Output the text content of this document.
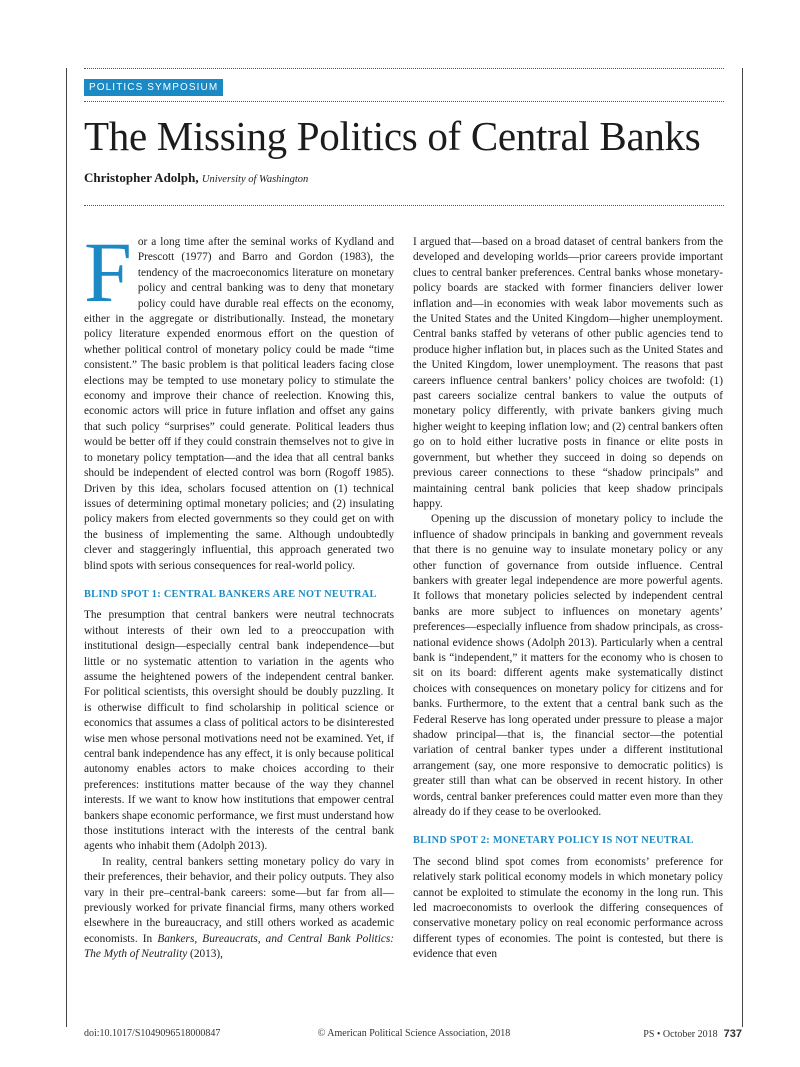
POLITICS SYMPOSIUM
The Missing Politics of Central Banks
Christopher Adolph, University of Washington

For a long time after the seminal works of Kydland and Prescott (1977) and Barro and Gordon (1983), the tendency of the macroeconomics literature on monetary policy and central banking was to deny that monetary policy could have durable real effects on the economy, either in the aggregate or distributionally. Instead, the monetary policy literature expended enormous effort on the question of whether political control of monetary policy could be made “time consistent.” The basic problem is that political leaders facing close elections may be tempted to use monetary policy to stimulate the economy and improve their chance of reelection. Knowing this, economic actors will price in future inflation and offset any gains that such policy “surprises” could generate. Political leaders thus would be better off if they could constrain themselves not to give in to monetary policy temptation—and the idea that all central banks should be independent of elected control was born (Rogoff 1985). Driven by this idea, scholars focused attention on (1) technical issues of determining optimal monetary policies; and (2) insulating policy makers from elected governments so they could get on with the business of implementing the same. Although undoubtedly clever and staggeringly influential, this approach generated two blind spots with serious consequences for real-world policy.

BLIND SPOT 1: CENTRAL BANKERS ARE NOT NEUTRAL

The presumption that central bankers were neutral technocrats without interests of their own led to a preoccupation with institutional design—especially central bank independence—but little or no systematic attention to variation in the agents who assume the heightened powers of the independent central banker. For political scientists, this oversight should be doubly puzzling. It is otherwise difficult to find scholarship in political science or economics that assumes a class of political actors to be disinterested wise men whose personal motivations need not be examined. Yet, if central bank independence has any effect, it is only because political autonomy enables actors to make choices according to their preferences: institutions matter because of the way they channel interests. If we want to know how institutions that empower central bankers shape economic performance, we first must understand how those institutions interact with the interests of the central bank agents who inhabit them (Adolph 2013).

In reality, central bankers setting monetary policy do vary in their preferences, their behavior, and their policy outputs. They also vary in their pre–central-bank careers: some—but far from all—previously worked for private financial firms, many others worked elsewhere in the bureaucracy, and still others worked as academic economists. In Bankers, Bureaucrats, and Central Bank Politics: The Myth of Neutrality (2013),

I argued that—based on a broad dataset of central bankers from the developed and developing worlds—prior careers provide important clues to central banker preferences. Central banks whose monetary-policy boards are stacked with former financiers deliver lower inflation and—in economies with weak labor movements such as the United States and the United Kingdom—higher unemployment. Central banks staffed by veterans of other public agencies tend to produce higher inflation but, in places such as the United States and the United Kingdom, lower unemployment. The reasons that past careers influence central bankers’ policy choices are twofold: (1) past careers socialize central bankers to value the outputs of monetary policy differently, with private bankers giving much higher weight to keeping inflation low; and (2) central bankers often go on to hold either lucrative posts in finance or elite posts in government, but whether they succeed in doing so depends on previous career connections to these “shadow principals” and maintaining central bank policies that keep shadow principals happy.

Opening up the discussion of monetary policy to include the influence of shadow principals in banking and government reveals that there is no genuine way to insulate monetary policy or any other function of governance from outside influence. Central bankers with greater legal independence are more powerful agents. It follows that monetary policies selected by independent central banks are more subject to influences on monetary agents’ preferences—especially influence from shadow principals, as cross-national evidence shows (Adolph 2013). Particularly when a central bank is “independent,” it matters for the economy who is chosen to sit on its board: different agents make systematically distinct choices with consequences on monetary policy for citizens and for banks. Furthermore, to the extent that a central bank such as the Federal Reserve has long operated under pressure to please a major shadow principal—that is, the financial sector—the potential variation of central banker types under a different institutional arrangement (say, one more responsive to democratic politics) is greater still than what can be observed in recent history. In other words, central banker preferences could matter even more than they already do if they cease to be overlooked.

BLIND SPOT 2: MONETARY POLICY IS NOT NEUTRAL

The second blind spot comes from economists’ preference for relatively stark political economy models in which monetary policy cannot be exploited to stimulate the economy in the long run. This led macroeconomists to overlook the differing consequences of conservative monetary policy on real economic performance across different types of economies. The point is contested, but there is evidence that even

doi:10.1017/S1049096518000847	© American Political Science Association, 2018	PS • October 2018 737
